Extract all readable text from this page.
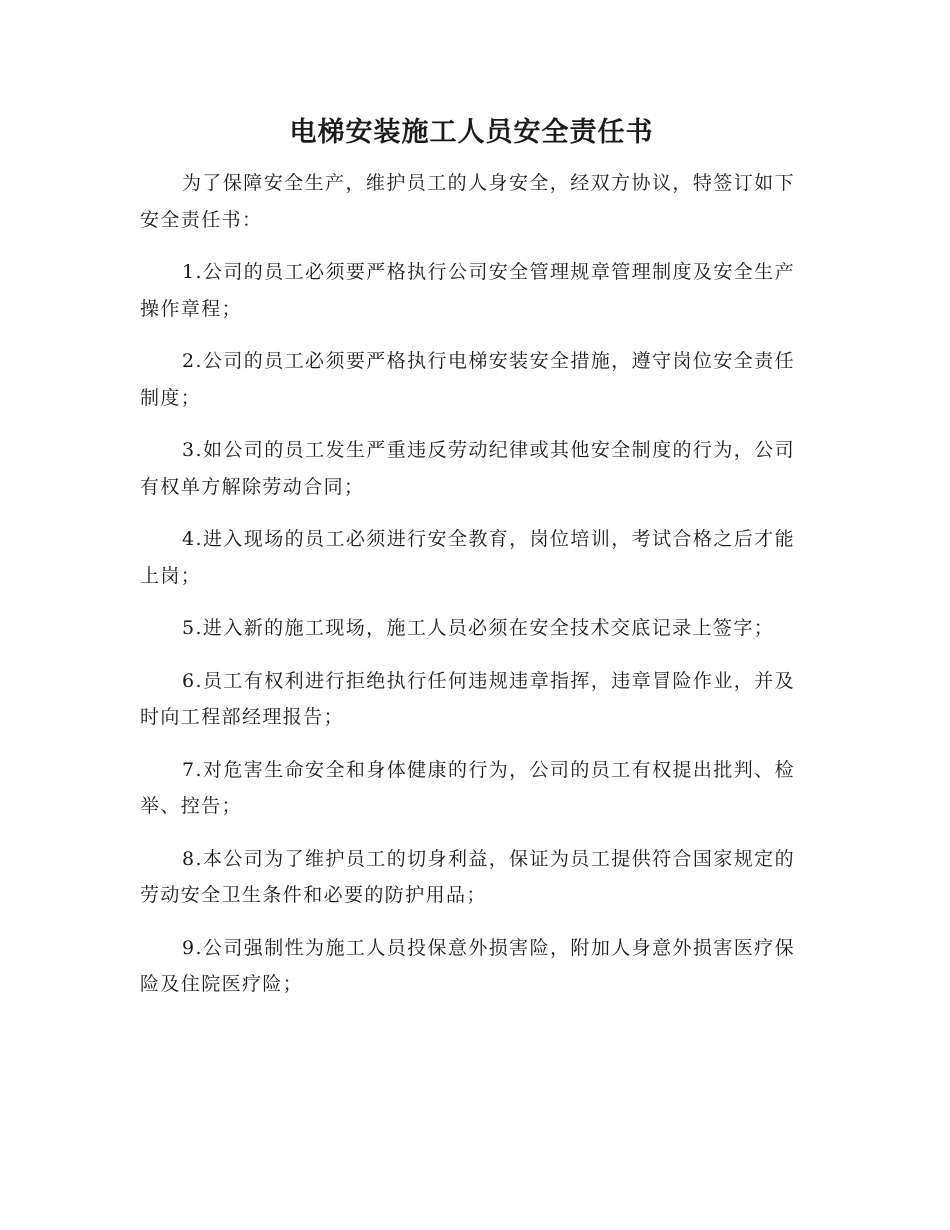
电梯安装施工人员安全责任书

为了保障安全生产，维护员工的人身安全，经双方协议，特签订如下安全责任书：

1.公司的员工必须要严格执行公司安全管理规章管理制度及安全生产操作章程；

2.公司的员工必须要严格执行电梯安装安全措施，遵守岗位安全责任制度；

3.如公司的员工发生严重违反劳动纪律或其他安全制度的行为，公司有权单方解除劳动合同；

4.进入现场的员工必须进行安全教育，岗位培训，考试合格之后才能上岗；

5.进入新的施工现场，施工人员必须在安全技术交底记录上签字；

6.员工有权利进行拒绝执行任何违规违章指挥，违章冒险作业，并及时向工程部经理报告；

7.对危害生命安全和身体健康的行为，公司的员工有权提出批判、检举、控告；

8.本公司为了维护员工的切身利益，保证为员工提供符合国家规定的劳动安全卫生条件和必要的防护用品；

9.公司强制性为施工人员投保意外损害险，附加人身意外损害医疗保险及住院医疗险；
